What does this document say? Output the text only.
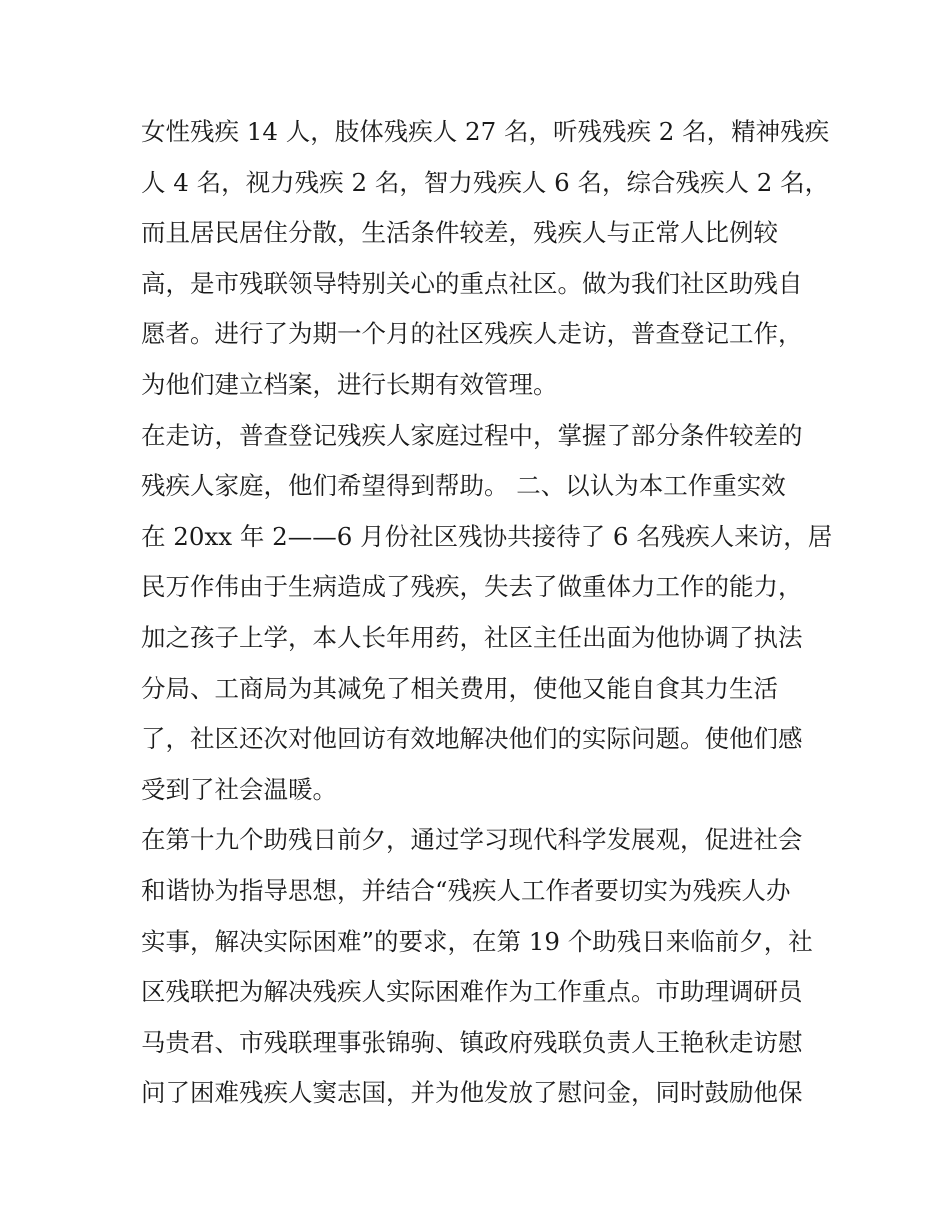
女性残疾 14 人，肢体残疾人 27 名，听残残疾 2 名，精神残疾
人 4 名，视力残疾 2 名，智力残疾人 6 名，综合残疾人 2 名，
而且居民居住分散，生活条件较差，残疾人与正常人比例较
高，是市残联领导特别关心的重点社区。做为我们社区助残自
愿者。进行了为期一个月的社区残疾人走访，普查登记工作，
为他们建立档案，进行长期有效管理。
在走访，普查登记残疾人家庭过程中，掌握了部分条件较差的
残疾人家庭，他们希望得到帮助。 二、以认为本工作重实效
在 20xx 年 2——6 月份社区残协共接待了 6 名残疾人来访，居
民万作伟由于生病造成了残疾，失去了做重体力工作的能力，
加之孩子上学，本人长年用药，社区主任出面为他协调了执法
分局、工商局为其减免了相关费用，使他又能自食其力生活
了，社区还次对他回访有效地解决他们的实际问题。使他们感
受到了社会温暖。
在第十九个助残日前夕，通过学习现代科学发展观，促进社会
和谐协为指导思想，并结合“残疾人工作者要切实为残疾人办
实事，解决实际困难”的要求，在第 19 个助残日来临前夕，社
区残联把为解决残疾人实际困难作为工作重点。市助理调研员
马贵君、市残联理事张锦驹、镇政府残联负责人王艳秋走访慰
问了困难残疾人窦志国，并为他发放了慰问金，同时鼓励他保
